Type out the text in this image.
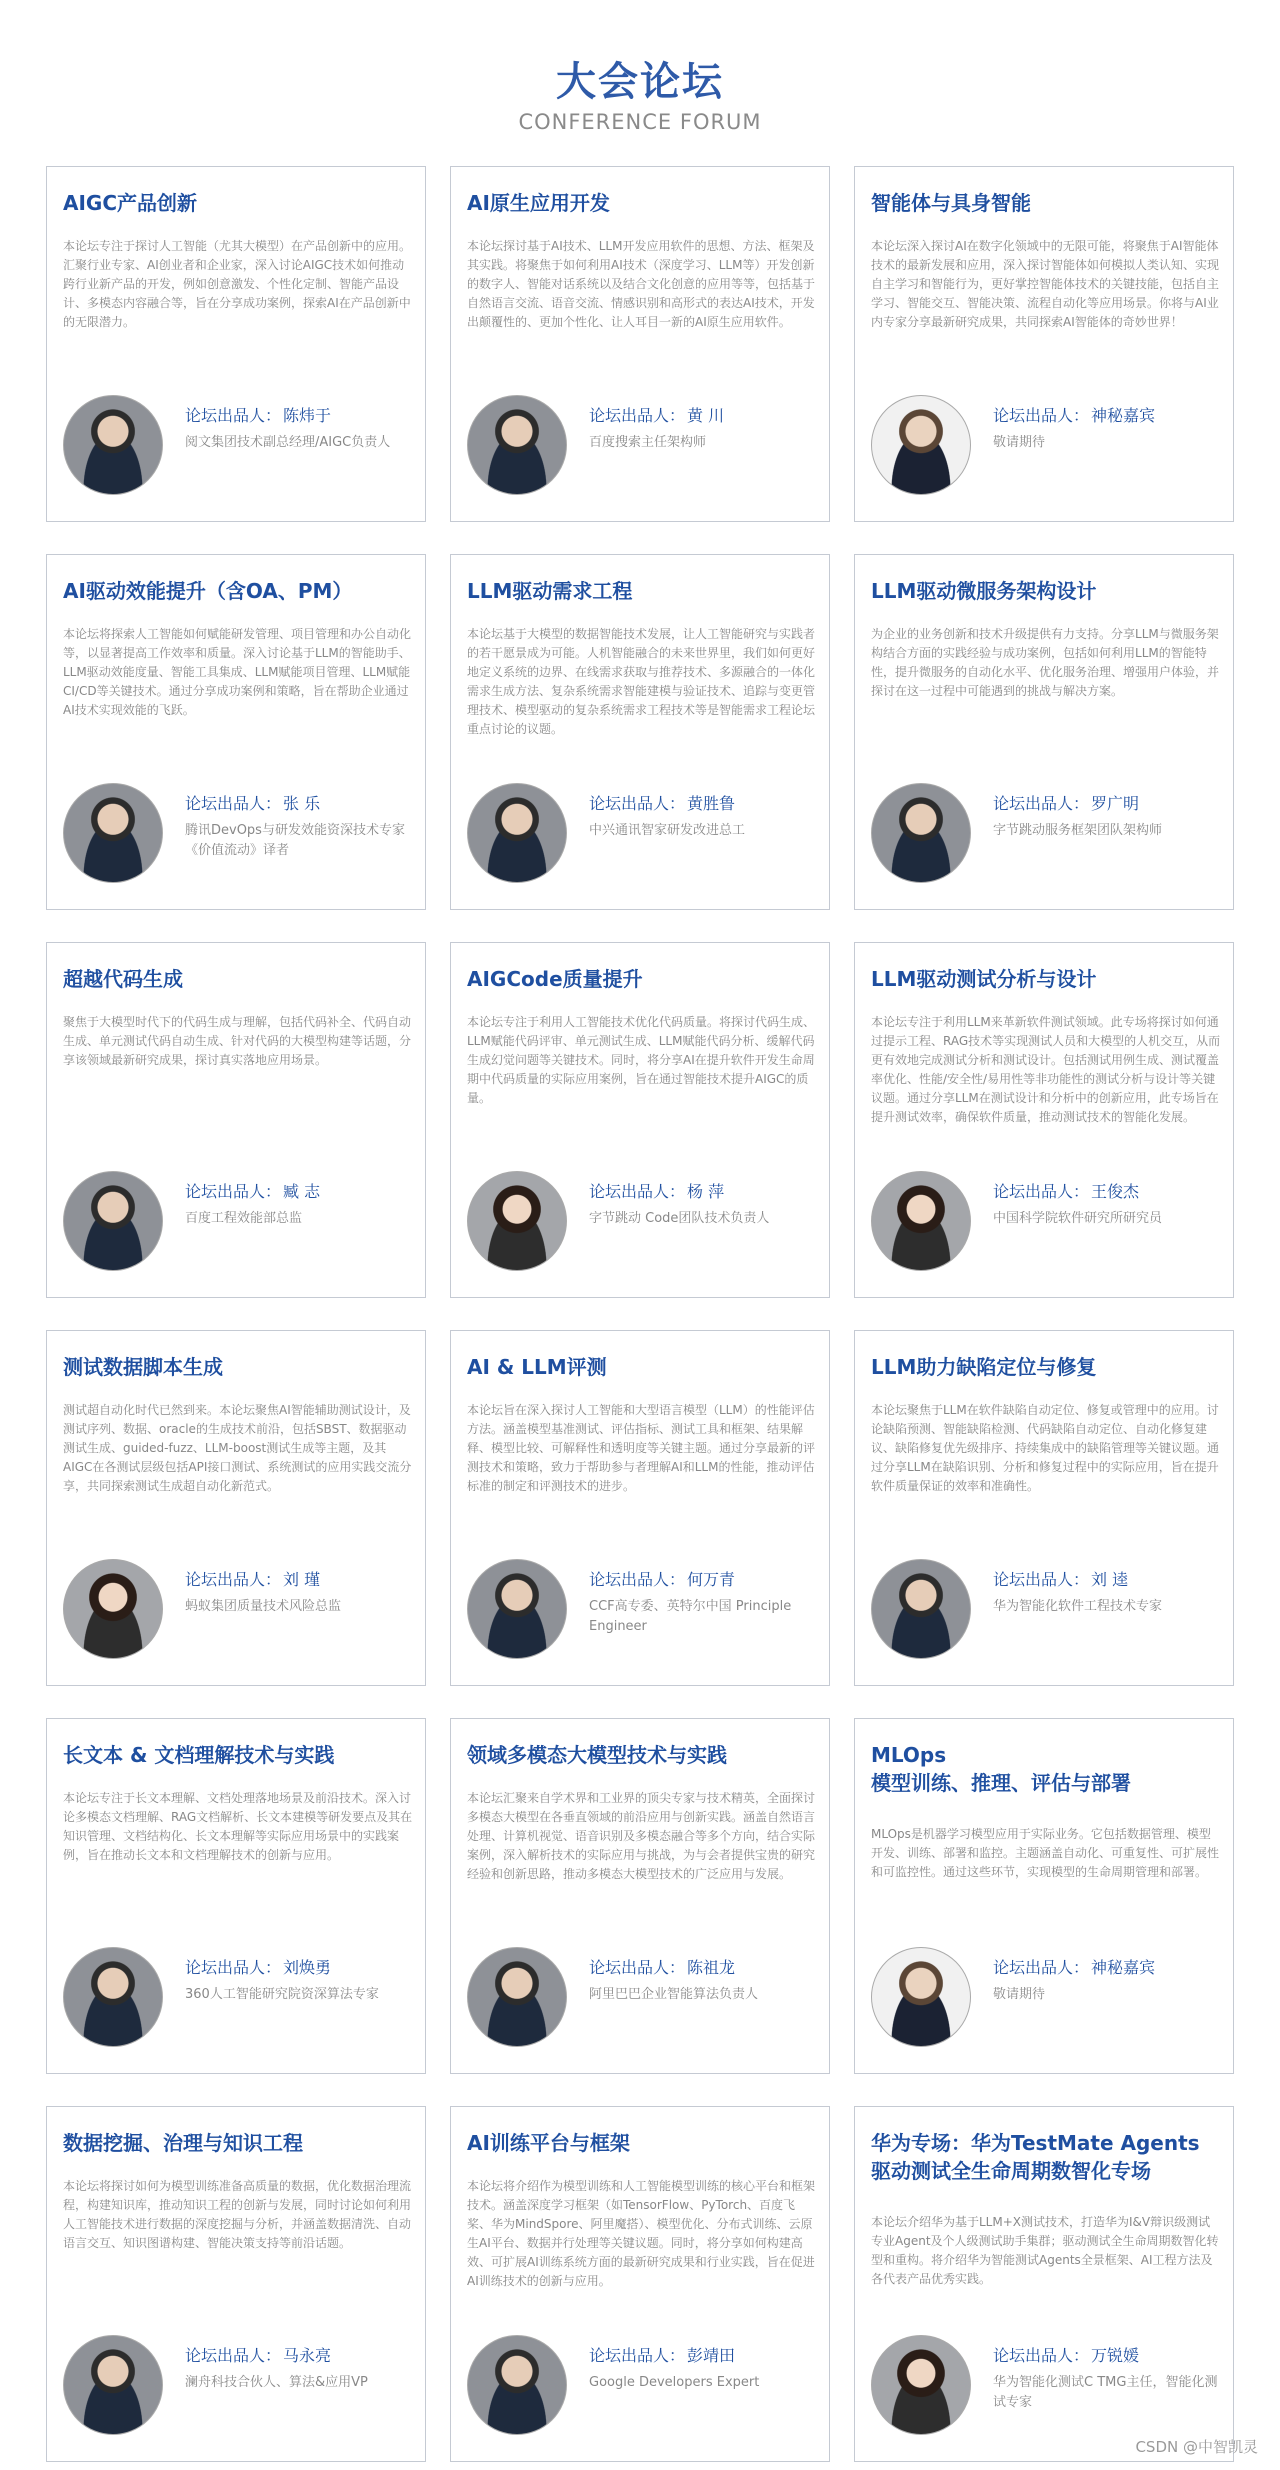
大会论坛
CONFERENCE FORUM
AIGC产品创新
本论坛专注于探讨人工智能（尤其大模型）在产品创新中的应用。汇聚行业专家、AI创业者和企业家，深入讨论AIGC技术如何推动跨行业新产品的开发，例如创意激发、个性化定制、智能产品设计、多模态内容融合等，旨在分享成功案例，探索AI在产品创新中的无限潜力。
论坛出品人： 陈炜于
阅文集团技术副总经理/AIGC负责人
AI原生应用开发
本论坛探讨基于AI技术、LLM开发应用软件的思想、方法、框架及其实践。将聚焦于如何利用AI技术（深度学习、LLM等）开发创新的数字人、智能对话系统以及结合文化创意的应用等等，包括基于自然语言交流、语音交流、情感识别和高形式的表达AI技术，开发出颠覆性的、更加个性化、让人耳目一新的AI原生应用软件。
论坛出品人： 黄 川
百度搜索主任架构师
智能体与具身智能
本论坛深入探讨AI在数字化领域中的无限可能，将聚焦于AI智能体技术的最新发展和应用，深入探讨智能体如何模拟人类认知、实现自主学习和智能行为，更好掌控智能体技术的关键技能，包括自主学习、智能交互、智能决策、流程自动化等应用场景。你将与AI业内专家分享最新研究成果，共同探索AI智能体的奇妙世界！
论坛出品人： 神秘嘉宾
敬请期待
AI驱动效能提升（含OA、PM）
本论坛将探索人工智能如何赋能研发管理、项目管理和办公自动化等，以显著提高工作效率和质量。深入讨论基于LLM的智能助手、LLM驱动效能度量、智能工具集成、LLM赋能项目管理、LLM赋能CI/CD等关键技术。通过分享成功案例和策略，旨在帮助企业通过AI技术实现效能的飞跃。
论坛出品人： 张 乐
腾讯DevOps与研发效能资深技术专家《价值流动》译者
LLM驱动需求工程
本论坛基于大模型的数据智能技术发展，让人工智能研究与实践者的若干愿景成为可能。人机智能融合的未来世界里，我们如何更好地定义系统的边界、在线需求获取与推荐技术、多源融合的一体化需求生成方法、复杂系统需求智能建模与验证技术、追踪与变更管理技术、模型驱动的复杂系统需求工程技术等是智能需求工程论坛重点讨论的议题。
论坛出品人： 黄胜鲁
中兴通讯智家研发改进总工
LLM驱动微服务架构设计
为企业的业务创新和技术升级提供有力支持。分享LLM与微服务架构结合方面的实践经验与成功案例，包括如何利用LLM的智能特性，提升微服务的自动化水平、优化服务治理、增强用户体验，并探讨在这一过程中可能遇到的挑战与解决方案。
论坛出品人： 罗广明
字节跳动服务框架团队架构师
超越代码生成
聚焦于大模型时代下的代码生成与理解，包括代码补全、代码自动生成、单元测试代码自动生成、针对代码的大模型构建等话题，分享该领域最新研究成果，探讨真实落地应用场景。
论坛出品人： 臧 志
百度工程效能部总监
AIGCode质量提升
本论坛专注于利用人工智能技术优化代码质量。将探讨代码生成、LLM赋能代码评审、单元测试生成、LLM赋能代码分析、缓解代码生成幻觉问题等关键技术。同时，将分享AI在提升软件开发生命周期中代码质量的实际应用案例，旨在通过智能技术提升AIGC的质量。
论坛出品人： 杨 萍
字节跳动 Code团队技术负责人
LLM驱动测试分析与设计
本论坛专注于利用LLM来革新软件测试领域。此专场将探讨如何通过提示工程、RAG技术等实现测试人员和大模型的人机交互，从而更有效地完成测试分析和测试设计。包括测试用例生成、测试覆盖率优化、性能/安全性/易用性等非功能性的测试分析与设计等关键议题。通过分享LLM在测试设计和分析中的创新应用，此专场旨在提升测试效率，确保软件质量，推动测试技术的智能化发展。
论坛出品人： 王俊杰
中国科学院软件研究所研究员
测试数据脚本生成
测试超自动化时代已然到来。本论坛聚焦AI智能辅助测试设计，及测试序列、数据、oracle的生成技术前沿，包括SBST、数据驱动测试生成、guided-fuzz、LLM-boost测试生成等主题，及其AIGC在各测试层级包括API接口测试、系统测试的应用实践交流分享，共同探索测试生成超自动化新范式。
论坛出品人： 刘 瑾
蚂蚁集团质量技术风险总监
AI & LLM评测
本论坛旨在深入探讨人工智能和大型语言模型（LLM）的性能评估方法。涵盖模型基准测试、评估指标、测试工具和框架、结果解释、模型比较、可解释性和透明度等关键主题。通过分享最新的评测技术和策略，致力于帮助参与者理解AI和LLM的性能，推动评估标准的制定和评测技术的进步。
论坛出品人： 何万青
CCF高专委、英特尔中国 Principle Engineer
LLM助力缺陷定位与修复
本论坛聚焦于LLM在软件缺陷自动定位、修复或管理中的应用。讨论缺陷预测、智能缺陷检测、代码缺陷自动定位、自动化修复建议、缺陷修复优先级排序、持续集成中的缺陷管理等关键议题。通过分享LLM在缺陷识别、分析和修复过程中的实际应用，旨在提升软件质量保证的效率和准确性。
论坛出品人： 刘 逵
华为智能化软件工程技术专家
长文本 & 文档理解技术与实践
本论坛专注于长文本理解、文档处理落地场景及前沿技术。深入讨论多模态文档理解、RAG文档解析、长文本建模等研发要点及其在知识管理、文档结构化、长文本理解等实际应用场景中的实践案例，旨在推动长文本和文档理解技术的创新与应用。
论坛出品人： 刘焕勇
360人工智能研究院资深算法专家
领域多模态大模型技术与实践
本论坛汇聚来自学术界和工业界的顶尖专家与技术精英，全面探讨多模态大模型在各垂直领域的前沿应用与创新实践。涵盖自然语言处理、计算机视觉、语音识别及多模态融合等多个方向，结合实际案例，深入解析技术的实际应用与挑战，为与会者提供宝贵的研究经验和创新思路，推动多模态大模型技术的广泛应用与发展。
论坛出品人： 陈祖龙
阿里巴巴企业智能算法负责人
MLOps
模型训练、推理、评估与部署
MLOps是机器学习模型应用于实际业务。它包括数据管理、模型开发、训练、部署和监控。主题涵盖自动化、可重复性、可扩展性和可监控性。通过这些环节，实现模型的生命周期管理和部署。
论坛出品人： 神秘嘉宾
敬请期待
数据挖掘、治理与知识工程
本论坛将探讨如何为模型训练准备高质量的数据，优化数据治理流程，构建知识库，推动知识工程的创新与发展，同时讨论如何利用人工智能技术进行数据的深度挖掘与分析，并涵盖数据清洗、自动语言交互、知识图谱构建、智能决策支持等前沿话题。
论坛出品人： 马永亮
澜舟科技合伙人、算法&应用VP
AI训练平台与框架
本论坛将介绍作为模型训练和人工智能模型训练的核心平台和框架技术。涵盖深度学习框架（如TensorFlow、PyTorch、百度飞桨、华为MindSpore、阿里魔搭）、模型优化、分布式训练、云原生AI平台、数据并行处理等关键议题。同时，将分享如何构建高效、可扩展AI训练系统方面的最新研究成果和行业实践，旨在促进AI训练技术的创新与应用。
论坛出品人： 彭靖田
Google Developers Expert
华为专场：华为TestMate Agents
驱动测试全生命周期数智化专场
本论坛介绍华为基于LLM+X测试技术，打造华为I&V辩识级测试专业Agent及个人级测试助手集群；驱动测试全生命周期数智化转型和重构。将介绍华为智能测试Agents全景框架、AI工程方法及各代表产品优秀实践。
论坛出品人： 万锐媛
华为智能化测试C TMG主任，智能化测试专家
CSDN @中智凯灵
